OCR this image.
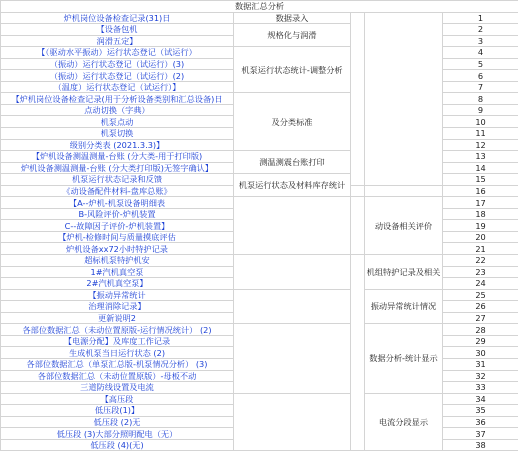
数据汇总分析				
炉机岗位设备检查记录(31)日	数据录入			1
【设备包机	规格化与润滑			2
润滑五定】				3
【（驱动水平振动）运行状态登记（试运行）	机泵运行状态统计-调整分析			4
（振动）运行状态登记（试运行）(3)				5
（振动）运行状态登记（试运行）(2)				6
（温度）运行状态登记（试运行）】				7
【炉机岗位设备检查记录(用于分析设备类别和汇总设备)日	及分类标准			8
点动切换（字典）				9
机泵点动				10
机泵切换				11
级别分类表 (2021.3.3)】				12
【炉机设备测温测量-台账 (分大类-用于打印版)	测温测震台账打印			13
炉机设备测温测量-台账 (分大类打印版)无签字确认】				14
机泵运行状态记录和反馈	机泵运行状态及材料库存统计			15
《动设备配件材料-盘库总账》				16
【A--炉机-机泵设备明细表			动设备相关评价	17
B-风险评价-炉机装置				18
C--故障因子评价-炉机装置】				19
【炉机-检修时间与质量摸底评估				20
炉机设备xx72小时特护记录				21
超标机泵特护机安			机组特护记录及相关	22
1#汽机真空泵				23
2#汽机真空泵】				24
【振动异常统计			振动异常统计情况	25
治理消除记录】				26
更新说明2				27
各部位数据汇总（未动位置原版-运行情况统计） (2)			数据分析-统计显示	28
【电源分配】及库度工作记录				29
生成机泵当日运行状态 (2)				30
各部位数据汇总（单泵汇总版-机泵情况分析） (3)				31
各部位数据汇总（未动位置原版）-母板不动				32
三道防线设置及电流				33
【高压段			电流分段显示	34
低压段(1)】				35
低压段 (2)无				36
低压段 (3)大部分照明配电（无）				37
低压段 (4)(无)				38
